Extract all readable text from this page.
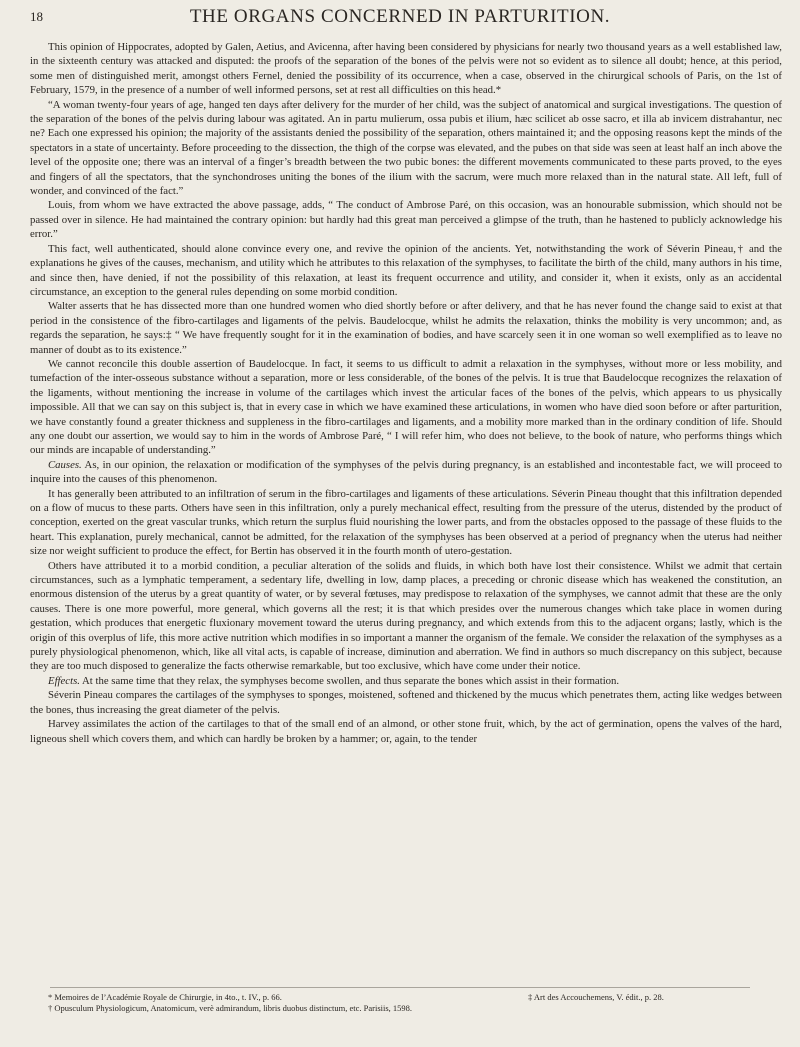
18	THE ORGANS CONCERNED IN PARTURITION.

This opinion of Hippocrates, adopted by Galen, Aetius, and Avicenna, after having been considered by physicians for nearly two thousand years as a well established law, in the sixteenth century was attacked and disputed: the proofs of the separation of the bones of the pelvis were not so evident as to silence all doubt; hence, at this period, some men of distinguished merit, amongst others Fernel, denied the possibility of its occurrence, when a case, observed in the chirurgical schools of Paris, on the 1st of February, 1579, in the presence of a number of well informed persons, set at rest all difficulties on this head.*

“A woman twenty-four years of age, hanged ten days after delivery for the murder of her child, was the subject of anatomical and surgical investigations. The question of the separation of the bones of the pelvis during labour was agitated. An in partu mulierum, ossa pubis et ilium, hæc scilicet ab osse sacro, et illa ab invicem distrahantur, nec ne? Each one expressed his opinion; the majority of the assistants denied the possibility of the separation, others maintained it; and the opposing reasons kept the minds of the spectators in a state of uncertainty. Before proceeding to the dissection, the thigh of the corpse was elevated, and the pubes on that side was seen at least half an inch above the level of the opposite one; there was an interval of a finger’s breadth between the two pubic bones: the different movements communicated to these parts proved, to the eyes and fingers of all the spectators, that the synchondroses uniting the bones of the ilium with the sacrum, were much more relaxed than in the natural state. All left, full of wonder, and convinced of the fact.”

Louis, from whom we have extracted the above passage, adds, “ The conduct of Ambrose Paré, on this occasion, was an honourable submission, which should not be passed over in silence. He had maintained the contrary opinion: but hardly had this great man perceived a glimpse of the truth, than he hastened to publicly acknowledge his error.”

This fact, well authenticated, should alone convince every one, and revive the opinion of the ancients. Yet, notwithstanding the work of Séverin Pineau,† and the explanations he gives of the causes, mechanism, and utility which he attributes to this relaxation of the symphyses, to facilitate the birth of the child, many authors in his time, and since then, have denied, if not the possibility of this relaxation, at least its frequent occurrence and utility, and consider it, when it exists, only as an accidental circumstance, an exception to the general rules depending on some morbid condition.

Walter asserts that he has dissected more than one hundred women who died shortly before or after delivery, and that he has never found the change said to exist at that period in the consistence of the fibro-cartilages and ligaments of the pelvis. Baudelocque, whilst he admits the relaxation, thinks the mobility is very uncommon; and, as regards the separation, he says:‡ “ We have frequently sought for it in the examination of bodies, and have scarcely seen it in one woman so well exemplified as to leave no manner of doubt as to its existence.”

We cannot reconcile this double assertion of Baudelocque. In fact, it seems to us difficult to admit a relaxation in the symphyses, without more or less mobility, and tumefaction of the inter-osseous substance without a separation, more or less considerable, of the bones of the pelvis. It is true that Baudelocque recognizes the relaxation of the ligaments, without mentioning the increase in volume of the cartilages which invest the articular faces of the bones of the pelvis, which appears to us physically impossible. All that we can say on this subject is, that in every case in which we have examined these articulations, in women who have died soon before or after parturition, we have constantly found a greater thickness and suppleness in the fibro-cartilages and ligaments, and a mobility more marked than in the ordinary condition of life. Should any one doubt our assertion, we would say to him in the words of Ambrose Paré, “ I will refer him, who does not believe, to the book of nature, who performs things which our minds are incapable of understanding.”

Causes. As, in our opinion, the relaxation or modification of the symphyses of the pelvis during pregnancy, is an established and incontestable fact, we will proceed to inquire into the causes of this phenomenon.

It has generally been attributed to an infiltration of serum in the fibro-cartilages and ligaments of these articulations. Séverin Pineau thought that this infiltration depended on a flow of mucus to these parts. Others have seen in this infiltration, only a purely mechanical effect, resulting from the pressure of the uterus, distended by the product of conception, exerted on the great vascular trunks, which return the surplus fluid nourishing the lower parts, and from the obstacles opposed to the passage of these fluids to the heart. This explanation, purely mechanical, cannot be admitted, for the relaxation of the symphyses has been observed at a period of pregnancy when the uterus had neither size nor weight sufficient to produce the effect, for Bertin has observed it in the fourth month of utero-gestation.

Others have attributed it to a morbid condition, a peculiar alteration of the solids and fluids, in which both have lost their consistence. Whilst we admit that certain circumstances, such as a lymphatic temperament, a sedentary life, dwelling in low, damp places, a preceding or chronic disease which has weakened the constitution, an enormous distension of the uterus by a great quantity of water, or by several fœtuses, may predispose to relaxation of the symphyses, we cannot admit that these are the only causes. There is one more powerful, more general, which governs all the rest; it is that which presides over the numerous changes which take place in women during gestation, which produces that energetic fluxionary movement toward the uterus during pregnancy, and which extends from this to the adjacent organs; lastly, which is the origin of this overplus of life, this more active nutrition which modifies in so important a manner the organism of the female. We consider the relaxation of the symphyses as a purely physiological phenomenon, which, like all vital acts, is capable of increase, diminution and aberration. We find in authors so much discrepancy on this subject, because they are too much disposed to generalize the facts otherwise remarkable, but too exclusive, which have come under their notice.

Effects. At the same time that they relax, the symphyses become swollen, and thus separate the bones which assist in their formation.

Séverin Pineau compares the cartilages of the symphyses to sponges, moistened, softened and thickened by the mucus which penetrates them, acting like wedges between the bones, thus increasing the great diameter of the pelvis.

Harvey assimilates the action of the cartilages to that of the small end of an almond, or other stone fruit, which, by the act of germination, opens the valves of the hard, ligneous shell which covers them, and which can hardly be broken by a hammer; or, again, to the tender

* Memoires de l’Académie Royale de Chirurgie, in 4to., t. IV., p. 66.	‡ Art des Accouchemens, V. édit., p. 28.
† Opusculum Physiologicum, Anatomicum, verè admirandum, libris duobus distinctum, etc. Parisiis, 1598.
